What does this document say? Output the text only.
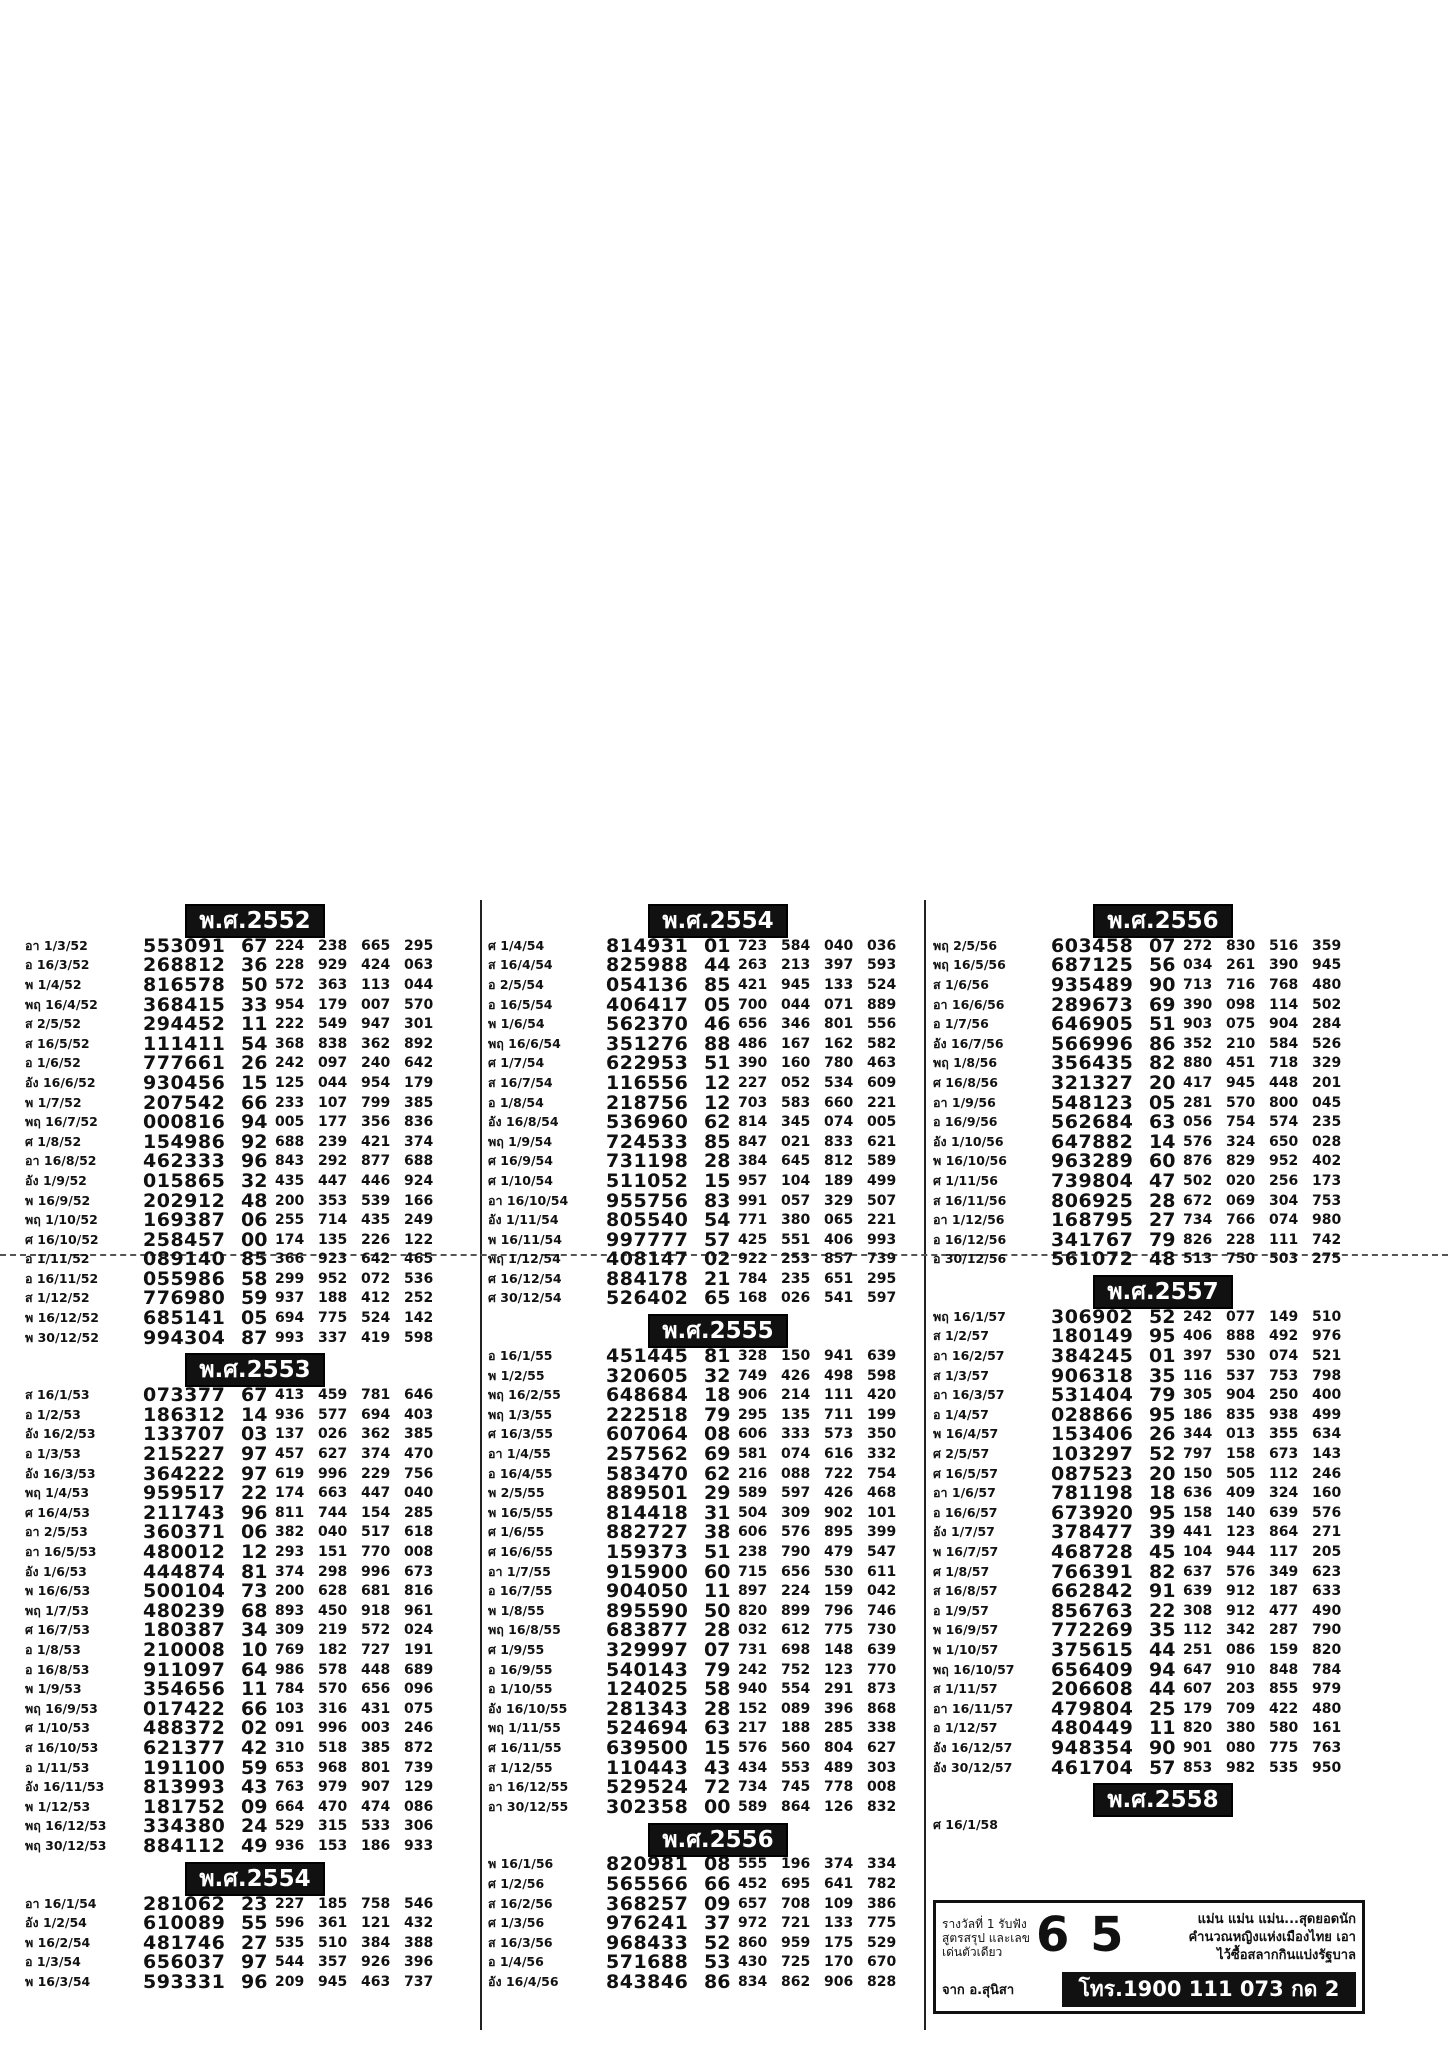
พ.ศ.2552
อา 1/3/52	553091 67 224 238 665 295
อ 16/3/52	268812 36 228 929 424 063
พ 1/4/52	816578 50 572 363 113 044
พฤ 16/4/52	368415 33 954 179 007 570
ส 2/5/52	294452 11 222 549 947 301
ส 16/5/52	111411 54 368 838 362 892
อ 1/6/52	777661 26 242 097 240 642
อัง 16/6/52	930456 15 125 044 954 179
พ 1/7/52	207542 66 233 107 799 385
พฤ 16/7/52	000816 94 005 177 356 836
ศ 1/8/52	154986 92 688 239 421 374
อา 16/8/52	462333 96 843 292 877 688
อัง 1/9/52	015865 32 435 447 446 924
พ 16/9/52	202912 48 200 353 539 166
พฤ 1/10/52	169387 06 255 714 435 249
ศ 16/10/52	258457 00 174 135 226 122
อ 1/11/52	089140 85 366 923 642 465
อ 16/11/52	055986 58 299 952 072 536
ส 1/12/52	776980 59 937 188 412 252
พ 16/12/52	685141 05 694 775 524 142
พ 30/12/52	994304 87 993 337 419 598
พ.ศ.2553
ส 16/1/53	073377 67 413 459 781 646
อ 1/2/53	186312 14 936 577 694 403
อัง 16/2/53	133707 03 137 026 362 385
อ 1/3/53	215227 97 457 627 374 470
อัง 16/3/53	364222 97 619 996 229 756
พฤ 1/4/53	959517 22 174 663 447 040
ศ 16/4/53	211743 96 811 744 154 285
อา 2/5/53	360371 06 382 040 517 618
อา 16/5/53	480012 12 293 151 770 008
อัง 1/6/53	444874 81 374 298 996 673
พ 16/6/53	500104 73 200 628 681 816
พฤ 1/7/53	480239 68 893 450 918 961
ศ 16/7/53	180387 34 309 219 572 024
อ 1/8/53	210008 10 769 182 727 191
อ 16/8/53	911097 64 986 578 448 689
พ 1/9/53	354656 11 784 570 656 096
พฤ 16/9/53	017422 66 103 316 431 075
ศ 1/10/53	488372 02 091 996 003 246
ส 16/10/53	621377 42 310 518 385 872
อ 1/11/53	191100 59 653 968 801 739
อัง 16/11/53	813993 43 763 979 907 129
พ 1/12/53	181752 09 664 470 474 086
พฤ 16/12/53	334380 24 529 315 533 306
พฤ 30/12/53	884112 49 936 153 186 933
พ.ศ.2554
อา 16/1/54	281062 23 227 185 758 546
อัง 1/2/54	610089 55 596 361 121 432
พ 16/2/54	481746 27 535 510 384 388
อ 1/3/54	656037 97 544 357 926 396
พ 16/3/54	593331 96 209 945 463 737
พ.ศ.2554
ศ 1/4/54	814931 01 723 584 040 036
ส 16/4/54	825988 44 263 213 397 593
อ 2/5/54	054136 85 421 945 133 524
อ 16/5/54	406417 05 700 044 071 889
พ 1/6/54	562370 46 656 346 801 556
พฤ 16/6/54	351276 88 486 167 162 582
ศ 1/7/54	622953 51 390 160 780 463
ส 16/7/54	116556 12 227 052 534 609
อ 1/8/54	218756 12 703 583 660 221
อัง 16/8/54	536960 62 814 345 074 005
พฤ 1/9/54	724533 85 847 021 833 621
ศ 16/9/54	731198 28 384 645 812 589
ศ 1/10/54	511052 15 957 104 189 499
อา 16/10/54	955756 83 991 057 329 507
อัง 1/11/54	805540 54 771 380 065 221
พ 16/11/54	997777 57 425 551 406 993
พฤ 1/12/54	408147 02 922 253 857 739
ศ 16/12/54	884178 21 784 235 651 295
ศ 30/12/54	526402 65 168 026 541 597
พ.ศ.2555
อ 16/1/55	451445 81 328 150 941 639
พ 1/2/55	320605 32 749 426 498 598
พฤ 16/2/55	648684 18 906 214 111 420
พฤ 1/3/55	222518 79 295 135 711 199
ศ 16/3/55	607064 08 606 333 573 350
อา 1/4/55	257562 69 581 074 616 332
อ 16/4/55	583470 62 216 088 722 754
พ 2/5/55	889501 29 589 597 426 468
พ 16/5/55	814418 31 504 309 902 101
ศ 1/6/55	882727 38 606 576 895 399
ศ 16/6/55	159373 51 238 790 479 547
อา 1/7/55	915900 60 715 656 530 611
อ 16/7/55	904050 11 897 224 159 042
พ 1/8/55	895590 50 820 899 796 746
พฤ 16/8/55	683877 28 032 612 775 730
ศ 1/9/55	329997 07 731 698 148 639
อ 16/9/55	540143 79 242 752 123 770
อ 1/10/55	124025 58 940 554 291 873
อัง 16/10/55	281343 28 152 089 396 868
พฤ 1/11/55	524694 63 217 188 285 338
ศ 16/11/55	639500 15 576 560 804 627
ส 1/12/55	110443 43 434 553 489 303
อา 16/12/55	529524 72 734 745 778 008
อา 30/12/55	302358 00 589 864 126 832
พ.ศ.2556
พ 16/1/56	820981 08 555 196 374 334
ศ 1/2/56	565566 66 452 695 641 782
ส 16/2/56	368257 09 657 708 109 386
ศ 1/3/56	976241 37 972 721 133 775
ส 16/3/56	968433 52 860 959 175 529
อ 1/4/56	571688 53 430 725 170 670
อัง 16/4/56	843846 86 834 862 906 828
พ.ศ.2556
พฤ 2/5/56	603458 07 272 830 516 359
พฤ 16/5/56	687125 56 034 261 390 945
ส 1/6/56	935489 90 713 716 768 480
อา 16/6/56	289673 69 390 098 114 502
อ 1/7/56	646905 51 903 075 904 284
อัง 16/7/56	566996 86 352 210 584 526
พฤ 1/8/56	356435 82 880 451 718 329
ศ 16/8/56	321327 20 417 945 448 201
อา 1/9/56	548123 05 281 570 800 045
อ 16/9/56	562684 63 056 754 574 235
อัง 1/10/56	647882 14 576 324 650 028
พ 16/10/56	963289 60 876 829 952 402
ศ 1/11/56	739804 47 502 020 256 173
ส 16/11/56	806925 28 672 069 304 753
อา 1/12/56	168795 27 734 766 074 980
อ 16/12/56	341767 79 826 228 111 742
อ 30/12/56	561072 48 513 750 503 275
พ.ศ.2557
พฤ 16/1/57	306902 52 242 077 149 510
ส 1/2/57	180149 95 406 888 492 976
อา 16/2/57	384245 01 397 530 074 521
ส 1/3/57	906318 35 116 537 753 798
อา 16/3/57	531404 79 305 904 250 400
อ 1/4/57	028866 95 186 835 938 499
พ 16/4/57	153406 26 344 013 355 634
ศ 2/5/57	103297 52 797 158 673 143
ศ 16/5/57	087523 20 150 505 112 246
อา 1/6/57	781198 18 636 409 324 160
อ 16/6/57	673920 95 158 140 639 576
อัง 1/7/57	378477 39 441 123 864 271
พ 16/7/57	468728 45 104 944 117 205
ศ 1/8/57	766391 82 637 576 349 623
ส 16/8/57	662842 91 639 912 187 633
อ 1/9/57	856763 22 308 912 477 490
พ 16/9/57	772269 35 112 342 287 790
พ 1/10/57	375615 44 251 086 159 820
พฤ 16/10/57	656409 94 647 910 848 784
ส 1/11/57	206608 44 607 203 855 979
อา 16/11/57	479804 25 179 709 422 480
อ 1/12/57	480449 11 820 380 580 161
อัง 16/12/57	948354 90 901 080 775 763
อัง 30/12/57	461704 57 853 982 535 950
พ.ศ.2558
ศ 16/1/58
รางวัลที่ 1 รับฟังสูตรสรุป และเลขเด่นตัวเดียว 6 5	แม่น แม่น แม่น...สุดยอดนัก คำนวณหญิงแห่งเมืองไทย เอาไว้ซื้อสลากกินแบ่งรัฐบาล
จาก อ.สุนิสา	โทร.1900 111 073 กด 2
